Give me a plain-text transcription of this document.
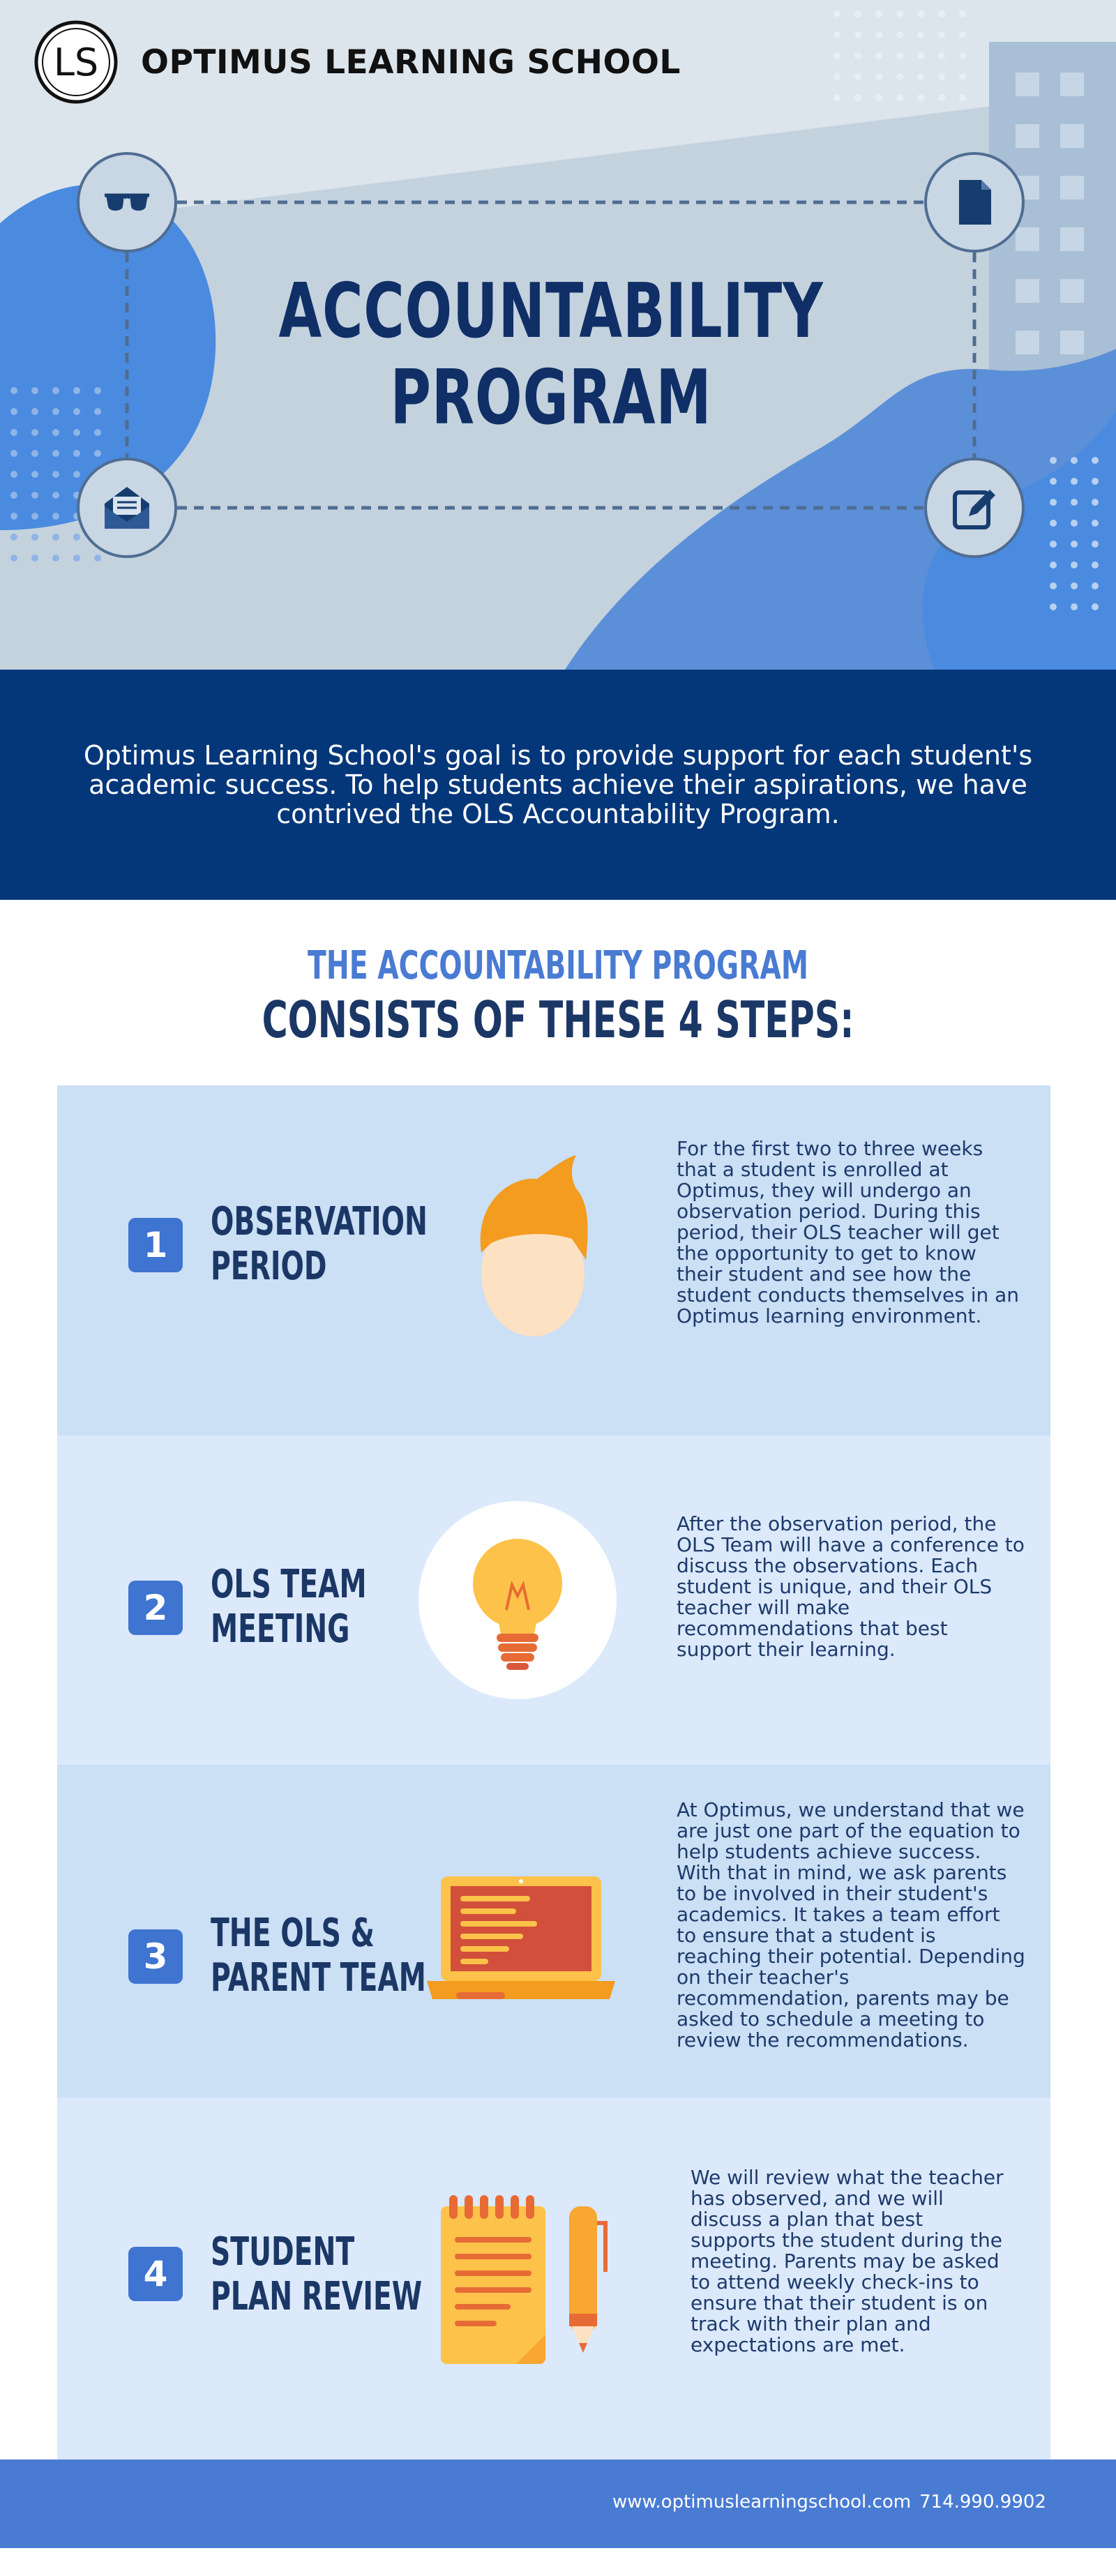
LS OPTIMUS LEARNING SCHOOL
ACCOUNTABILITY
PROGRAM

Optimus Learning School's goal is to provide support for each student's academic success. To help students achieve their aspirations, we have contrived the OLS Accountability Program.

THE ACCOUNTABILITY PROGRAM
CONSISTS OF THESE 4 STEPS:
1
OBSERVATION
PERIOD

For the first two to three weeks that a student is enrolled at Optimus, they will undergo an observation period. During this period, their OLS teacher will get the opportunity to get to know their student and see how the student conducts themselves in an Optimus learning environment.

2
OLS TEAM
MEETING

After the observation period, the OLS Team will have a conference to discuss the observations. Each student is unique, and their OLS teacher will make recommendations that best support their learning.

3
THE OLS &
PARENT TEAM

At Optimus, we understand that we are just one part of the equation to help students achieve success. With that in mind, we ask parents to be involved in their student's academics. It takes a team effort to ensure that a student is reaching their potential. Depending on their teacher's recommendation, parents may be asked to schedule a meeting to review the recommendations.

4	STUDENT
PLAN REVIEW

We will review what the teacher has observed, and we will discuss a plan that best supports the student during the meeting. Parents may be asked to attend weekly check-ins to ensure that their student is on track with their plan and expectations are met.

www.optimuslearningschool.com 714.990.9902
